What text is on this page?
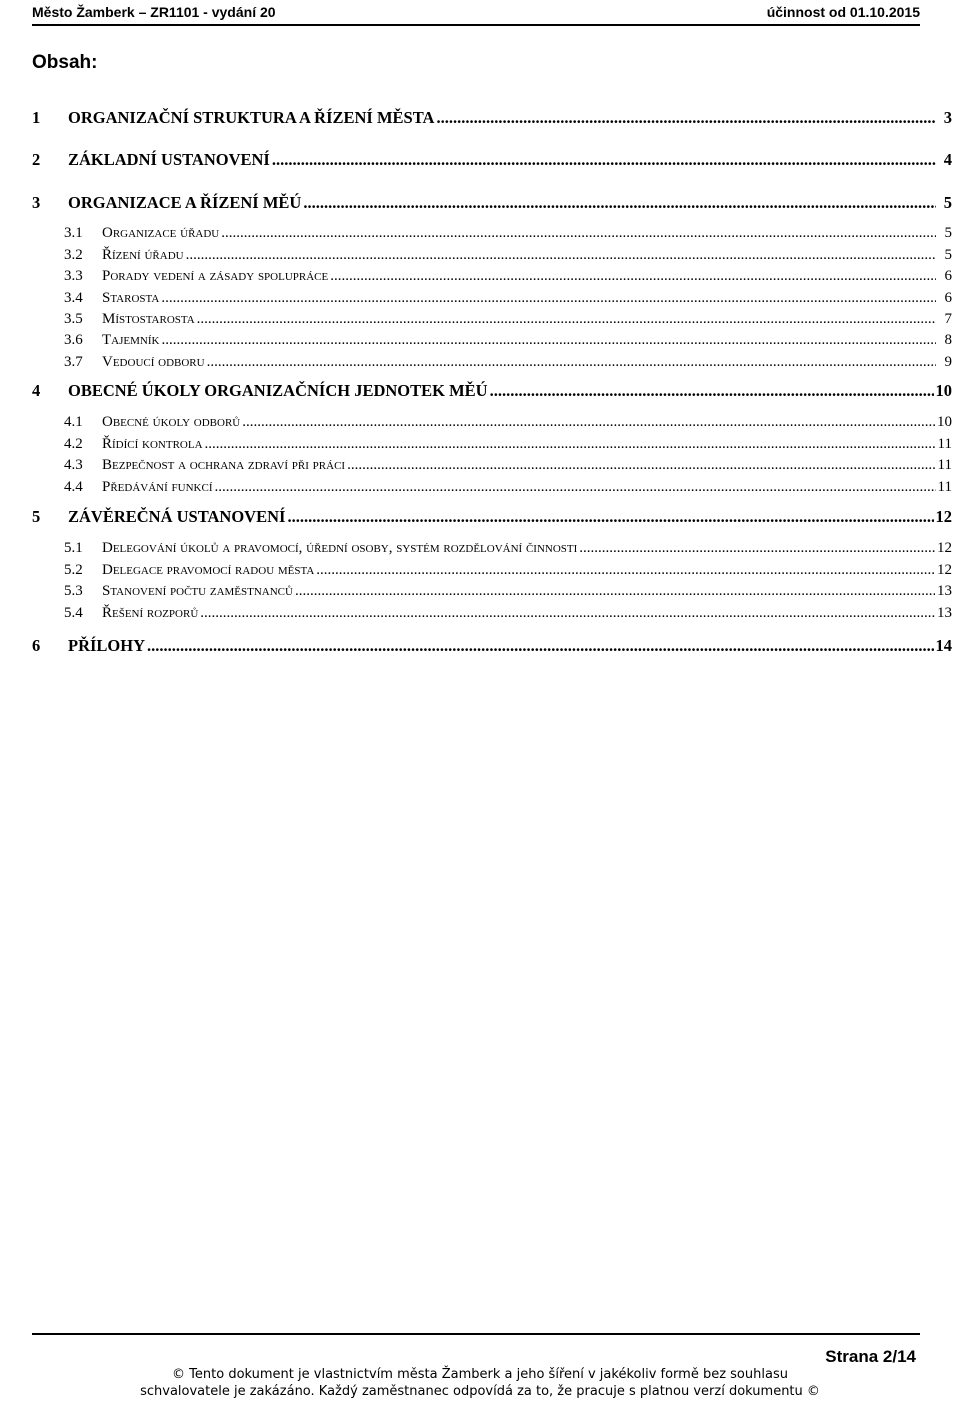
Město Žamberk – ZR1101 - vydání 20	účinnost od 01.10.2015
Obsah:
1	ORGANIZAČNÍ STRUKTURA A ŘÍZENÍ MĚSTA .....	3
2	ZÁKLADNÍ USTANOVENÍ .....	4
3	ORGANIZACE A ŘÍZENÍ MĚÚ .....	5
3.1	Organizace úřadu .....	5
3.2	Řízení úřadu .....	5
3.3	Porady vedení a zásady spolupráce .....	6
3.4	Starosta .....	6
3.5	Místostarosta .....	7
3.6	Tajemník .....	8
3.7	Vedoucí odboru .....	9
4	OBECNÉ ÚKOLY ORGANIZAČNÍCH JEDNOTEK MĚÚ .....	10
4.1	Obecné úkoly odborů .....	10
4.2	Řídící kontrola .....	11
4.3	Bezpečnost a ochrana zdraví při práci .....	11
4.4	Předávání funkcí .....	11
5	ZÁVĚREČNÁ USTANOVENÍ .....	12
5.1	Delegování úkolů a pravomocí, úřední osoby, systém rozdělování činnosti .....	12
5.2	Delegace pravomocí radou města .....	12
5.3	Stanovení počtu zaměstnanců .....	13
5.4	Řešení rozporů .....	13
6	PŘÍLOHY .....	14
Strana 2/14
© Tento dokument je vlastnictvím města Žamberk a jeho šíření v jakékoliv formě bez souhlasu
schvalovatele je zakázáno. Každý zaměstnanec odpovídá za to, že pracuje s platnou verzí dokumentu ©
